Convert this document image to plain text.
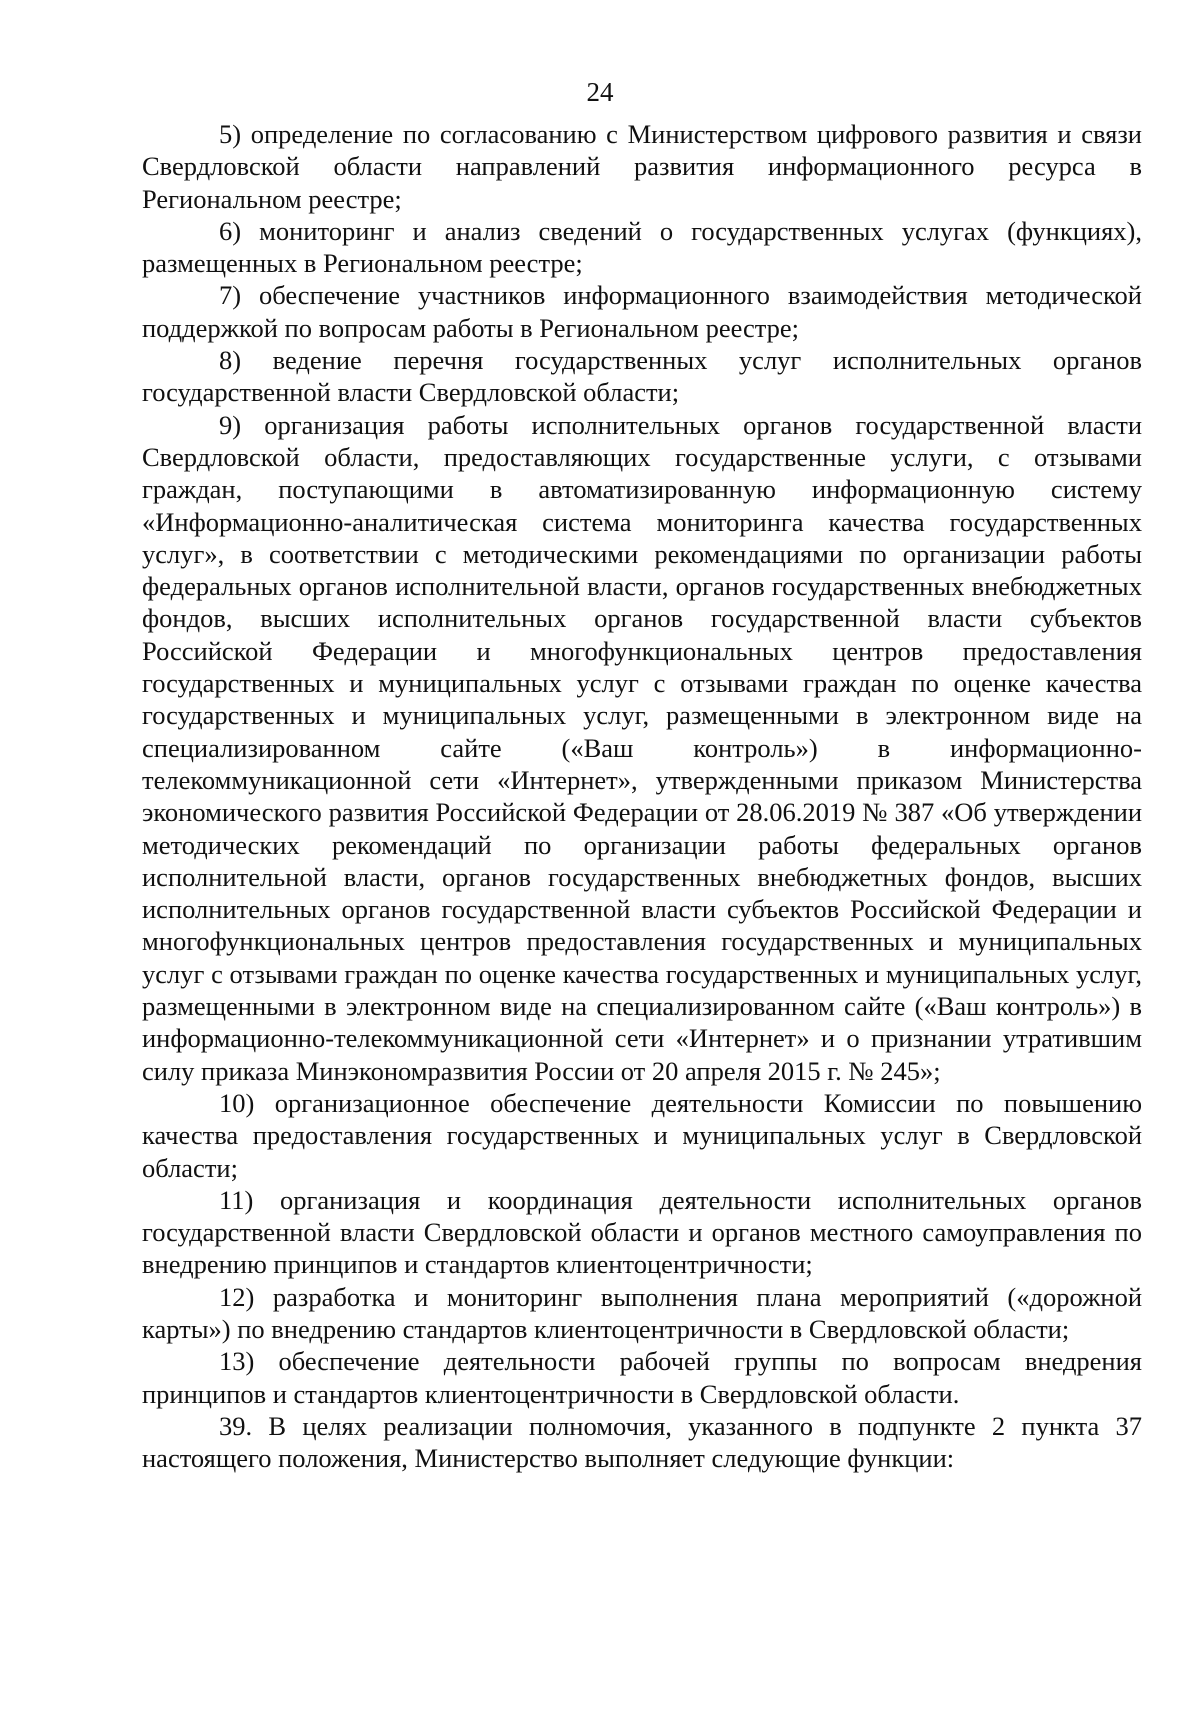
24

5) определение по согласованию с Министерством цифрового развития и связи Свердловской области направлений развития информационного ресурса в Региональном реестре;

6) мониторинг и анализ сведений о государственных услугах (функциях), размещенных в Региональном реестре;

7) обеспечение участников информационного взаимодействия методической поддержкой по вопросам работы в Региональном реестре;

8) ведение перечня государственных услуг исполнительных органов государственной власти Свердловской области;

9) организация работы исполнительных органов государственной власти Свердловской области, предоставляющих государственные услуги, с отзывами граждан, поступающими в автоматизированную информационную систему «Информационно-аналитическая система мониторинга качества государственных услуг», в соответствии с методическими рекомендациями по организации работы федеральных органов исполнительной власти, органов государственных внебюджетных фондов, высших исполнительных органов государственной власти субъектов Российской Федерации и многофункциональных центров предоставления государственных и муниципальных услуг с отзывами граждан по оценке качества государственных и муниципальных услуг, размещенными в электронном виде на специализированном сайте («Ваш контроль») в информационно-телекоммуникационной сети «Интернет», утвержденными приказом Министерства экономического развития Российской Федерации от 28.06.2019 № 387 «Об утверждении методических рекомендаций по организации работы федеральных органов исполнительной власти, органов государственных внебюджетных фондов, высших исполнительных органов государственной власти субъектов Российской Федерации и многофункциональных центров предоставления государственных и муниципальных услуг с отзывами граждан по оценке качества государственных и муниципальных услуг, размещенными в электронном виде на специализированном сайте («Ваш контроль») в информационно-телекоммуникационной сети «Интернет» и о признании утратившим силу приказа Минэкономразвития России от 20 апреля 2015 г. № 245»;

10) организационное обеспечение деятельности Комиссии по повышению качества предоставления государственных и муниципальных услуг в Свердловской области;

11) организация и координация деятельности исполнительных органов государственной власти Свердловской области и органов местного самоуправления по внедрению принципов и стандартов клиентоцентричности;

12) разработка и мониторинг выполнения плана мероприятий («дорожной карты») по внедрению стандартов клиентоцентричности в Свердловской области;

13) обеспечение деятельности рабочей группы по вопросам внедрения принципов и стандартов клиентоцентричности в Свердловской области.

39. В целях реализации полномочия, указанного в подпункте 2 пункта 37 настоящего положения, Министерство выполняет следующие функции:
